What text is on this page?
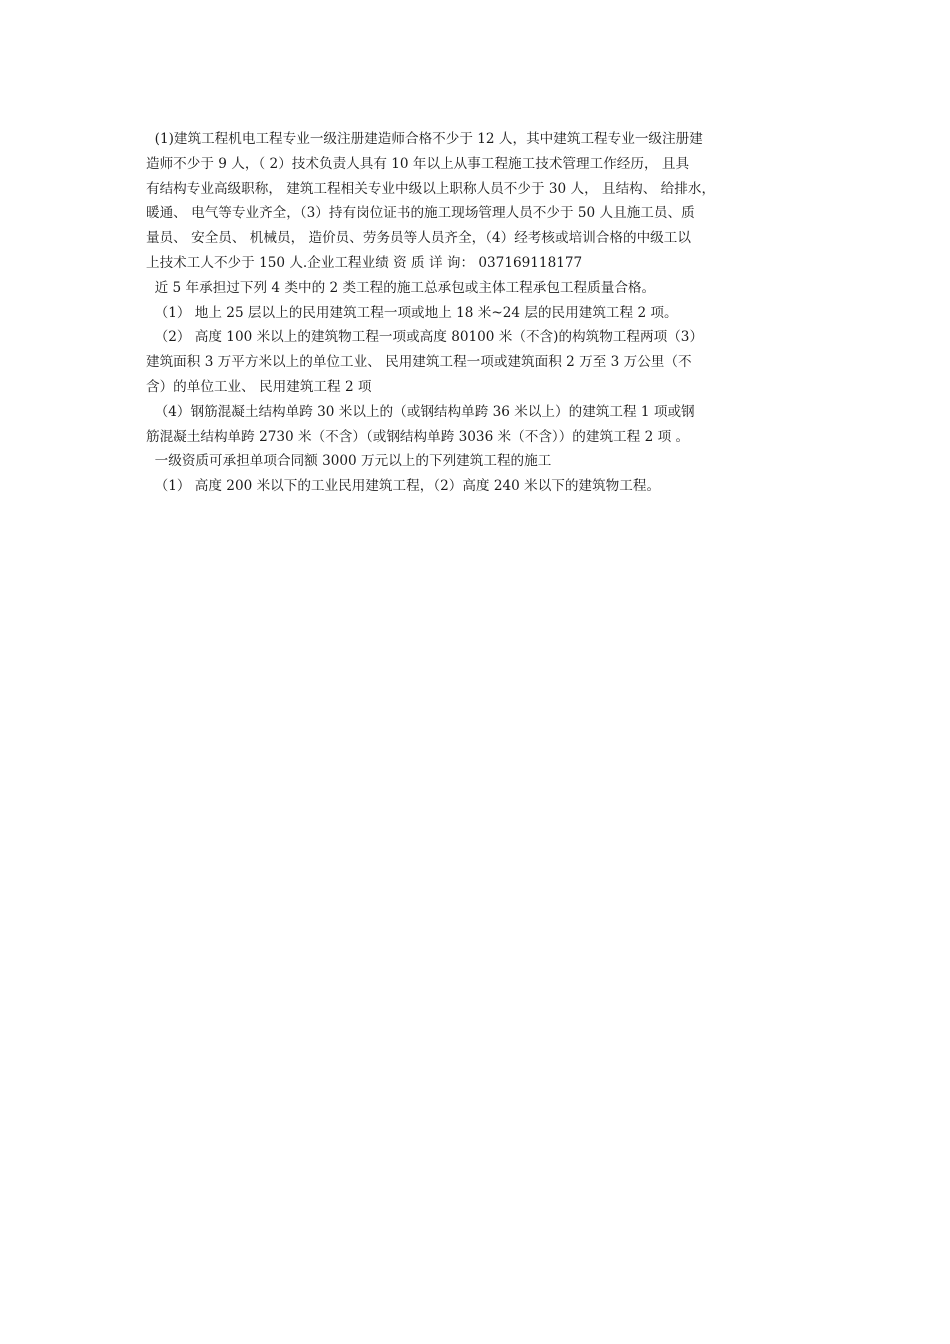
(1)建筑工程机电工程专业一级注册建造师合格不少于 12 人，其中建筑工程专业一级注册建
造师不少于 9 人，（ 2）技术负责人具有 10 年以上从事工程施工技术管理工作经历， 且具
有结构专业高级职称， 建筑工程相关专业中级以上职称人员不少于 30 人， 且结构、 给排水，
暖通、 电气等专业齐全，（3）持有岗位证书的施工现场管理人员不少于 50 人且施工员、质
量员、 安全员、 机械员， 造价员、劳务员等人员齐全，（4）经考核或培训合格的中级工以
上技术工人不少于 150 人.企业工程业绩 资 质 详 询： 037169118177
近 5 年承担过下列 4 类中的 2 类工程的施工总承包或主体工程承包工程质量合格。
（1） 地上 25 层以上的民用建筑工程一项或地上 18 米~24 层的民用建筑工程 2 项。
（2） 高度 100 米以上的建筑物工程一项或高度 80100 米（不含)的构筑物工程两项（3）
建筑面积 3 万平方米以上的单位工业、 民用建筑工程一项或建筑面积 2 万至 3 万公里（不
含）的单位工业、 民用建筑工程 2 项
（4）钢筋混凝土结构单跨 30 米以上的（或钢结构单跨 36 米以上）的建筑工程 1 项或钢
筋混凝土结构单跨 2730 米（不含）（或钢结构单跨 3036 米（不含））的建筑工程 2 项 。
一级资质可承担单项合同额 3000 万元以上的下列建筑工程的施工
（1） 高度 200 米以下的工业民用建筑工程，（2）高度 240 米以下的建筑物工程。
